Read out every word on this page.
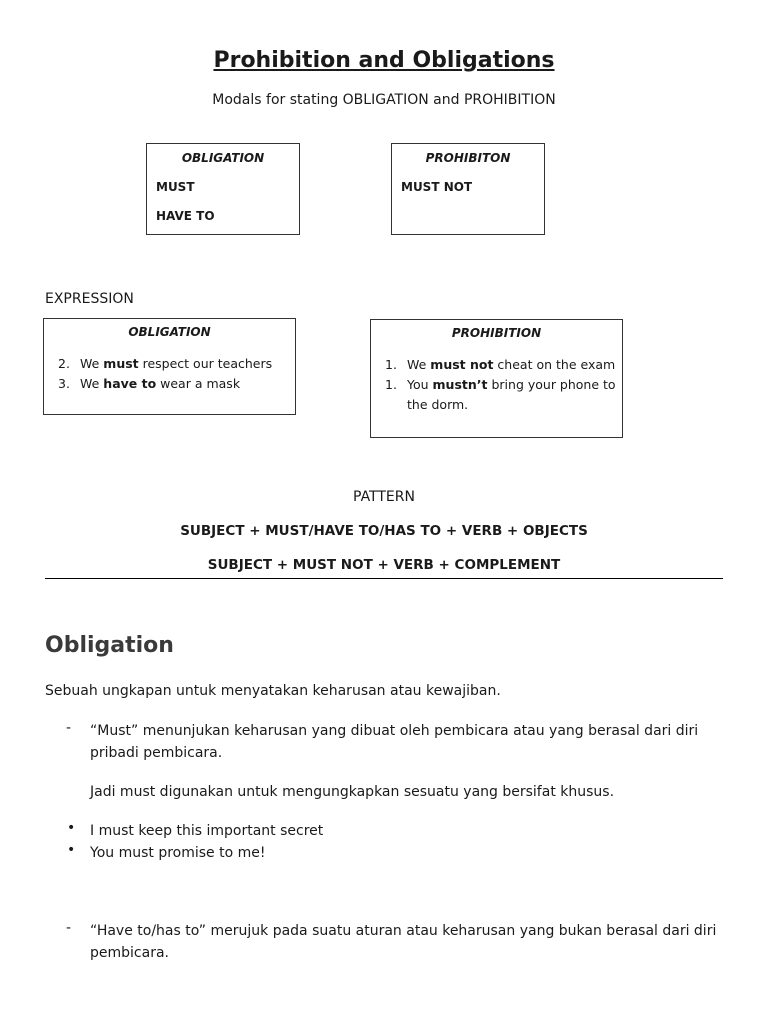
Prohibition and Obligations
Modals for stating OBLIGATION and PROHIBITION
OBLIGATION
MUST
HAVE TO
PROHIBITON
MUST NOT
EXPRESSION
OBLIGATION
2. We must respect our teachers
3. We have to wear a mask
PROHIBITION
1. We must not cheat on the exam
1. You mustn’t bring your phone to the dorm.
PATTERN
SUBJECT + MUST/HAVE TO/HAS TO + VERB + OBJECTS
SUBJECT + MUST NOT + VERB + COMPLEMENT
Obligation
Sebuah ungkapan untuk menyatakan keharusan atau kewajiban.
- “Must” menunjukan keharusan yang dibuat oleh pembicara atau yang berasal dari diri pribadi pembicara.
Jadi must digunakan untuk mengungkapkan sesuatu yang bersifat khusus.
• I must keep this important secret
• You must promise to me!
- “Have to/has to” merujuk pada suatu aturan atau keharusan yang bukan berasal dari diri pembicara.
